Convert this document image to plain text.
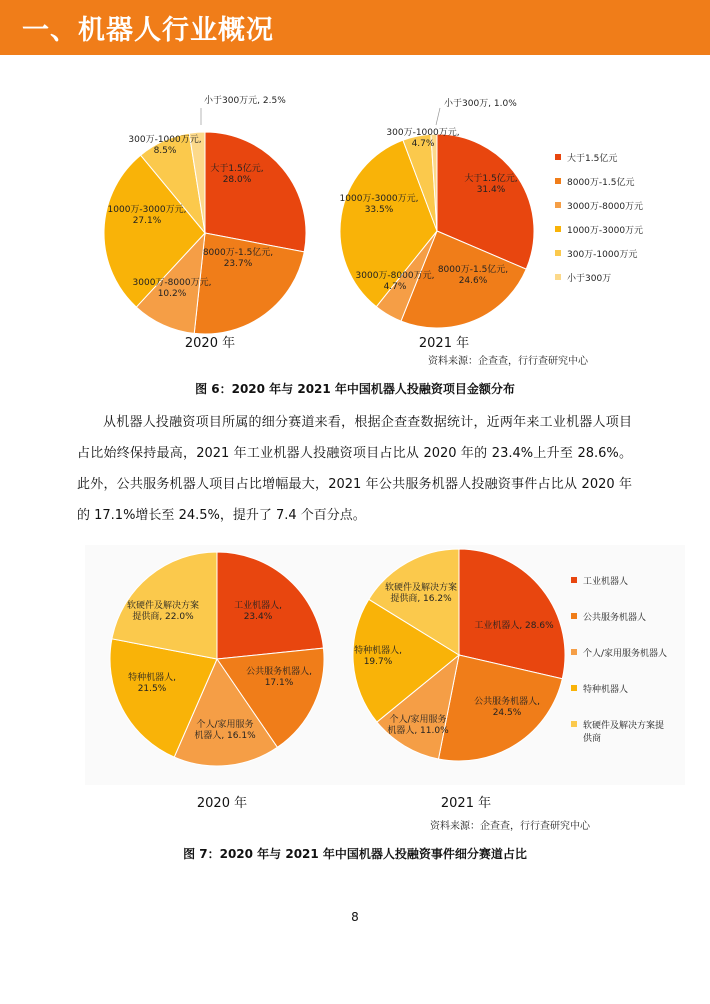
一、机器人行业概况
大于1.5亿元, 28.0%
8000万-1.5亿元, 23.7%
3000万-8000万元, 10.2%
1000万-3000万元, 27.1%
300万-1000万元, 8.5%
小于300万元, 2.5%
2020 年
大于1.5亿元, 31.4%
8000万-1.5亿元, 24.6%
3000万-8000万元, 4.7%
1000万-3000万元, 33.5%
300万-1000万元, 4.7%
小于300万, 1.0%
2021 年
大于1.5亿元
8000万-1.5亿元
3000万-8000万元
1000万-3000万元
300万-1000万元
小于300万
资料来源：企查查，行行查研究中心
图 6：2020 年与 2021 年中国机器人投融资项目金额分布
从机器人投融资项目所属的细分赛道来看，根据企查查数据统计，近两年来工业机器人项目占比始终保持最高，2021 年工业机器人投融资项目占比从 2020 年的 23.4%上升至 28.6%。此外，公共服务机器人项目占比增幅最大，2021 年公共服务机器人投融资事件占比从 2020 年的 17.1%增长至 24.5%，提升了 7.4 个百分点。
工业机器人, 23.4%
公共服务机器人, 17.1%
个人/家用服务机器人, 16.1%
特种机器人, 21.5%
软硬件及解决方案提供商, 22.0%
2020 年
工业机器人, 28.6%
公共服务机器人, 24.5%
个人/家用服务机器人, 11.0%
特种机器人, 19.7%
软硬件及解决方案提供商, 16.2%
2021 年
工业机器人
公共服务机器人
个人/家用服务机器人
特种机器人
软硬件及解决方案提
供商
资料来源：企查查，行行查研究中心
图 7：2020 年与 2021 年中国机器人投融资事件细分赛道占比
8
